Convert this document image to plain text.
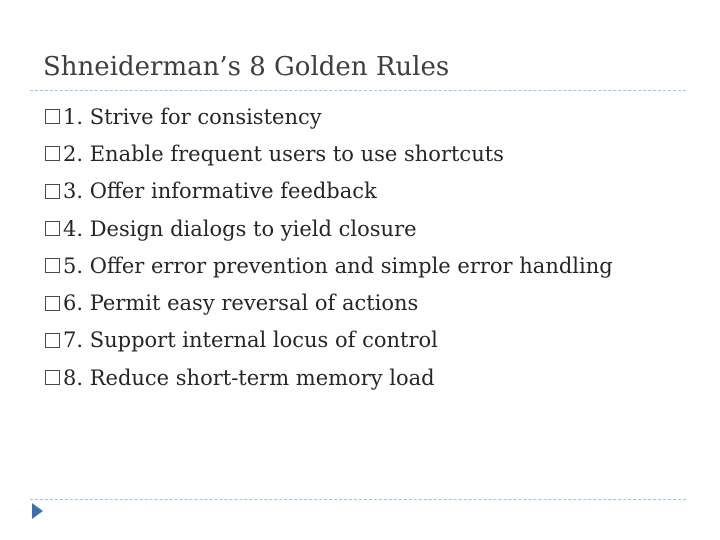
Shneiderman’s 8 Golden Rules
1. Strive for consistency
2. Enable frequent users to use shortcuts
3. Offer informative feedback
4. Design dialogs to yield closure
5. Offer error prevention and simple error handling
6. Permit easy reversal of actions
7. Support internal locus of control
8. Reduce short-term memory load
